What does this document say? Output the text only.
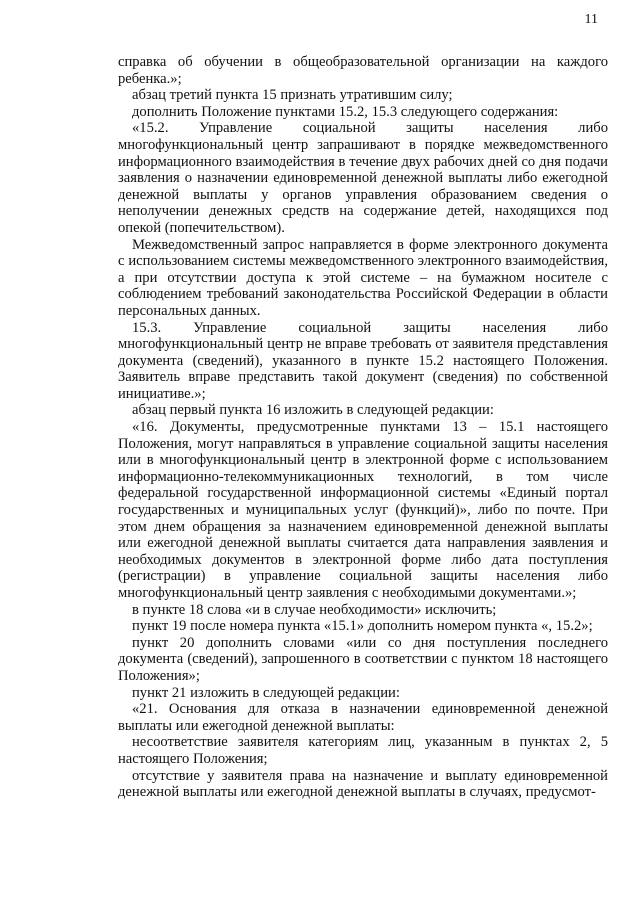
11

справка об обучении в общеобразовательной организации на каждого ребенка.»;

абзац третий пункта 15 признать утратившим силу;

дополнить Положение пунктами 15.2, 15.3 следующего содержания:

«15.2. Управление социальной защиты населения либо многофункциональный центр запрашивают в порядке межведомственного информационного взаимодействия в течение двух рабочих дней со дня подачи заявления о назначении единовременной денежной выплаты либо ежегодной денежной выплаты у органов управления образованием сведения о неполучении денежных средств на содержание детей, находящихся под опекой (попечительством).

Межведомственный запрос направляется в форме электронного документа с использованием системы межведомственного электронного взаимодействия, а при отсутствии доступа к этой системе – на бумажном носителе с соблюдением требований законодательства Российской Федерации в области персональных данных.

15.3. Управление социальной защиты населения либо многофункциональный центр не вправе требовать от заявителя представления документа (сведений), указанного в пункте 15.2 настоящего Положения. Заявитель вправе представить такой документ (сведения) по собственной инициативе.»;

абзац первый пункта 16 изложить в следующей редакции:

«16. Документы, предусмотренные пунктами 13 – 15.1 настоящего Положения, могут направляться в управление социальной защиты населения или в многофункциональный центр в электронной форме с использованием информационно-телекоммуникационных технологий, в том числе федеральной государственной информационной системы «Единый портал государственных и муниципальных услуг (функций)», либо по почте. При этом днем обращения за назначением единовременной денежной выплаты или ежегодной денежной выплаты считается дата направления заявления и необходимых документов в электронной форме либо дата поступления (регистрации) в управление социальной защиты населения либо многофункциональный центр заявления с необходимыми документами.»;

в пункте 18 слова «и в случае необходимости» исключить;

пункт 19 после номера пункта «15.1» дополнить номером пункта «, 15.2»;

пункт 20 дополнить словами «или со дня поступления последнего документа (сведений), запрошенного в соответствии с пунктом 18 настоящего Положения»;

пункт 21 изложить в следующей редакции:

«21. Основания для отказа в назначении единовременной денежной выплаты или ежегодной денежной выплаты:

несоответствие заявителя категориям лиц, указанным в пунктах 2, 5 настоящего Положения;

отсутствие у заявителя права на назначение и выплату единовременной денежной выплаты или ежегодной денежной выплаты в случаях, предусмот-
